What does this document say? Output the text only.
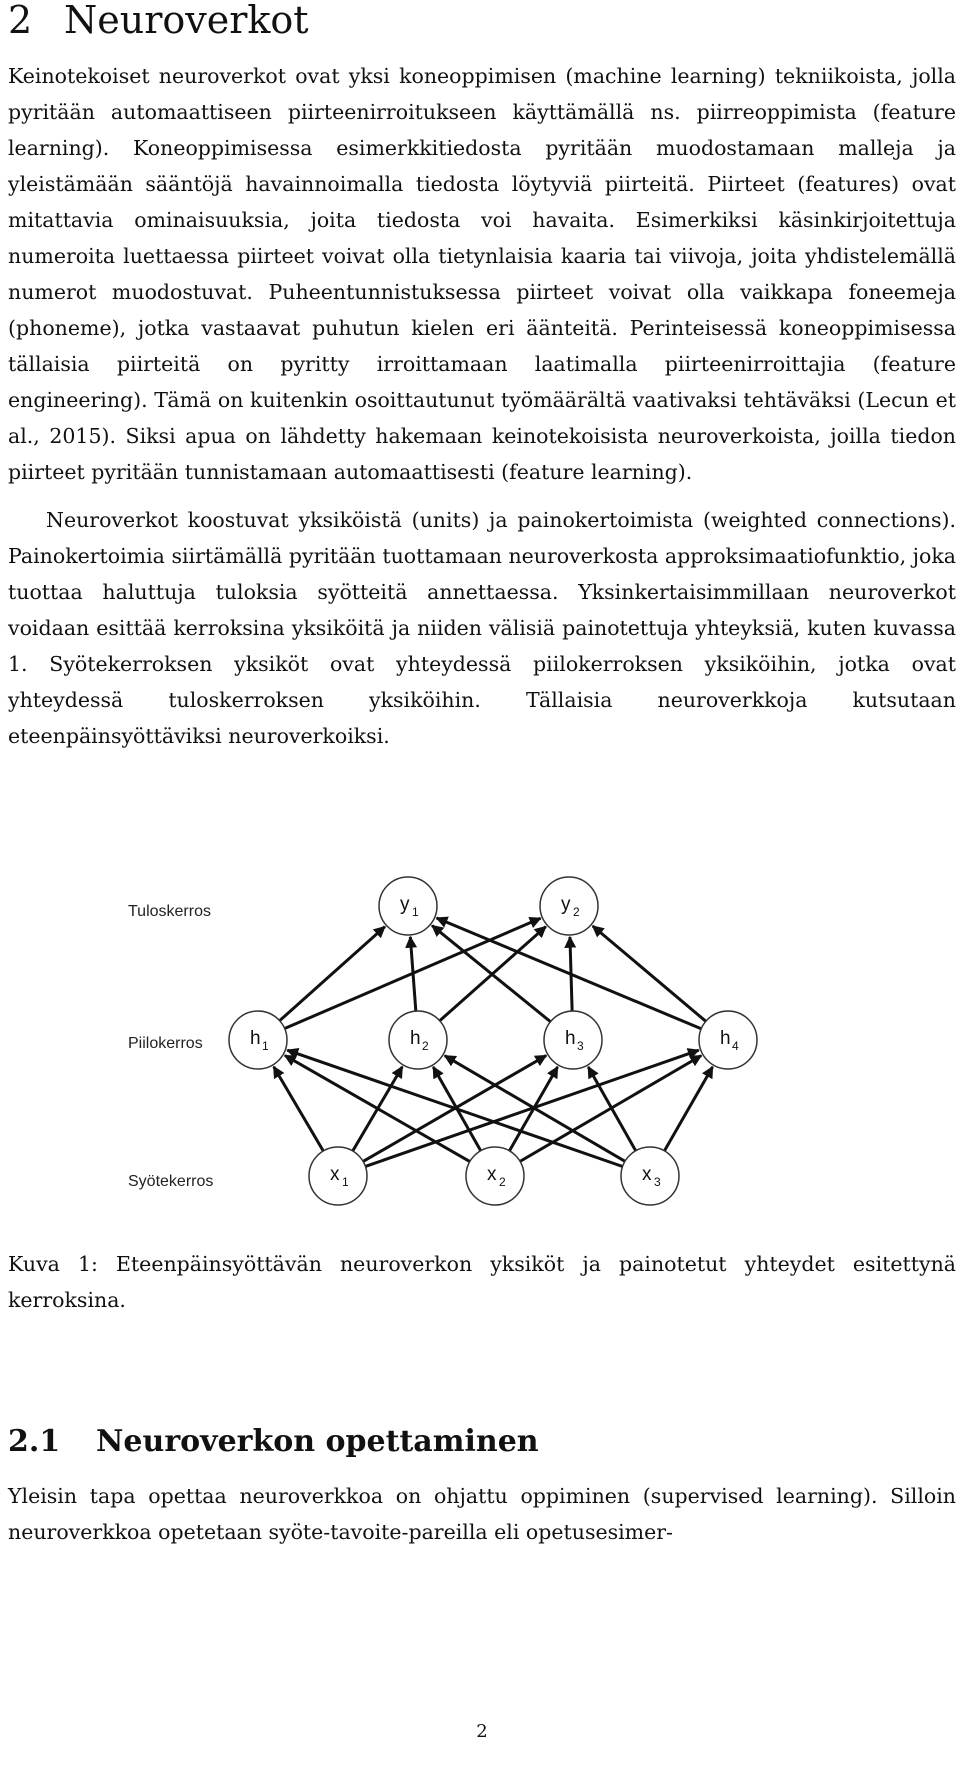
2 Neuroverkot

Keinotekoiset neuroverkot ovat yksi koneoppimisen (machine learning) tekniikoista, jolla pyritään automaattiseen piirteenirroitukseen käyttämällä ns. piirreoppimista (feature learning). Koneoppimisessa esimerkkitiedosta pyritään muodostamaan malleja ja yleistämään sääntöjä havainnoimalla tiedosta löytyviä piirteitä. Piirteet (features) ovat mitattavia ominaisuuksia, joita tiedosta voi havaita. Esimerkiksi käsinkirjoitettuja numeroita luettaessa piirteet voivat olla tietynlaisia kaaria tai viivoja, joita yhdistelemällä numerot muodostuvat. Puheentunnistuksessa piirteet voivat olla vaikkapa foneemeja (phoneme), jotka vastaavat puhutun kielen eri äänteitä. Perinteisessä koneoppimisessa tällaisia piirteitä on pyritty irroittamaan laatimalla piirteenirroittajia (feature engineering). Tämä on kuitenkin osoittautunut työmäärältä vaativaksi tehtäväksi (Lecun et al., 2015). Siksi apua on lähdetty hakemaan keinotekoisista neuroverkoista, joilla tiedon piirteet pyritään tunnistamaan automaattisesti (feature learning).

Neuroverkot koostuvat yksiköistä (units) ja painokertoimista (weighted connections). Painokertoimia siirtämällä pyritään tuottamaan neuroverkosta approksimaatiofunktio, joka tuottaa haluttuja tuloksia syötteitä annettaessa. Yksinkertaisimmillaan neuroverkot voidaan esittää kerroksina yksiköitä ja niiden välisiä painotettuja yhteyksiä, kuten kuvassa 1. Syötekerroksen yksiköt ovat yhteydessä piilokerroksen yksiköihin, jotka ovat yhteydessä tuloskerroksen yksiköihin. Tällaisia neuroverkkoja kutsutaan eteenpäinsyöttäviksi neuroverkoiksi.

y 1	y 2
h 1	h 2	h 3	h 4
x 1	x 2	x 3
Tuloskerros
Piilokerros
Syötekerros

Kuva 1: Eteenpäinsyöttävän neuroverkon yksiköt ja painotetut yhteydet esitettynä kerroksina.

2.1 Neuroverkon opettaminen

Yleisin tapa opettaa neuroverkkoa on ohjattu oppiminen (supervised learning). Silloin neuroverkkoa opetetaan syöte-tavoite-pareilla eli opetusesimer-

2
